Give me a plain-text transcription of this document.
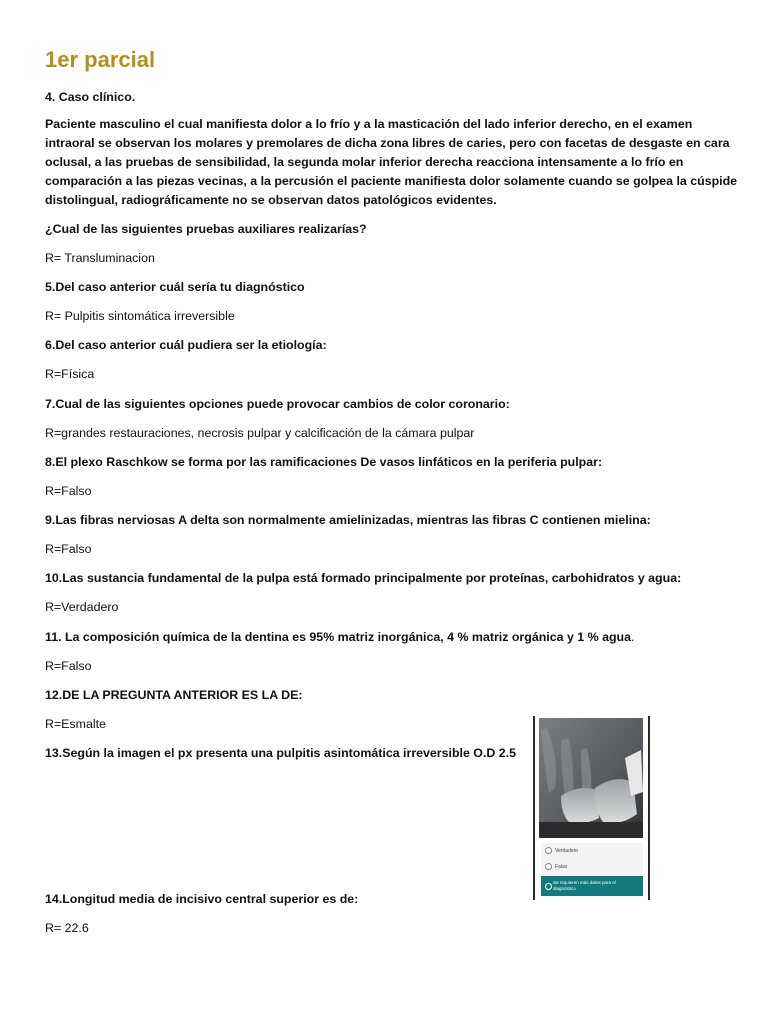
1er parcial

4. Caso clínico.

Paciente masculino el cual manifiesta dolor a lo frío y a la masticación del lado inferior derecho, en el examen
intraoral se observan los molares y premolares de dicha zona libres de caries, pero con facetas de desgaste en cara
oclusal, a las pruebas de sensibilidad, la segunda molar inferior derecha reacciona intensamente a lo frío en
comparación a las piezas vecinas, a la percusión el paciente manifiesta dolor solamente cuando se golpea la cúspide
distolingual, radiográficamente no se observan datos patológicos evidentes.

¿Cual de las siguientes pruebas auxiliares realizarías?

R= Transluminacion

5.Del caso anterior cuál sería tu diagnóstico

R= Pulpitis sintomática irreversible

6.Del caso anterior cuál pudiera ser la etiología:

R=Física

7.Cual de las siguientes opciones puede provocar cambios de color coronario:

R=grandes restauraciones, necrosis pulpar y calcificación de la cámara pulpar

8.El plexo Raschkow se forma por las ramificaciones De vasos linfáticos en la periferia pulpar:

R=Falso

9.Las fibras nerviosas A delta son normalmente amielinizadas, mientras las fibras C contienen mielina:

R=Falso

10.Las sustancia fundamental de la pulpa está formado principalmente por proteínas, carbohidratos y agua:

R=Verdadero

11. La composición química de la dentina es 95% matriz inorgánica, 4 % matriz orgánica y 1 % agua.

R=Falso

12.DE LA PREGUNTA ANTERIOR ES LA DE:

R=Esmalte

13.Según la imagen el px presenta una pulpitis asintomática irreversible O.D 2.5

14.Longitud media de incisivo central superior es de:

R= 22.6

Verdadero
Falso
Se requieren más datos para el diagnóstico
